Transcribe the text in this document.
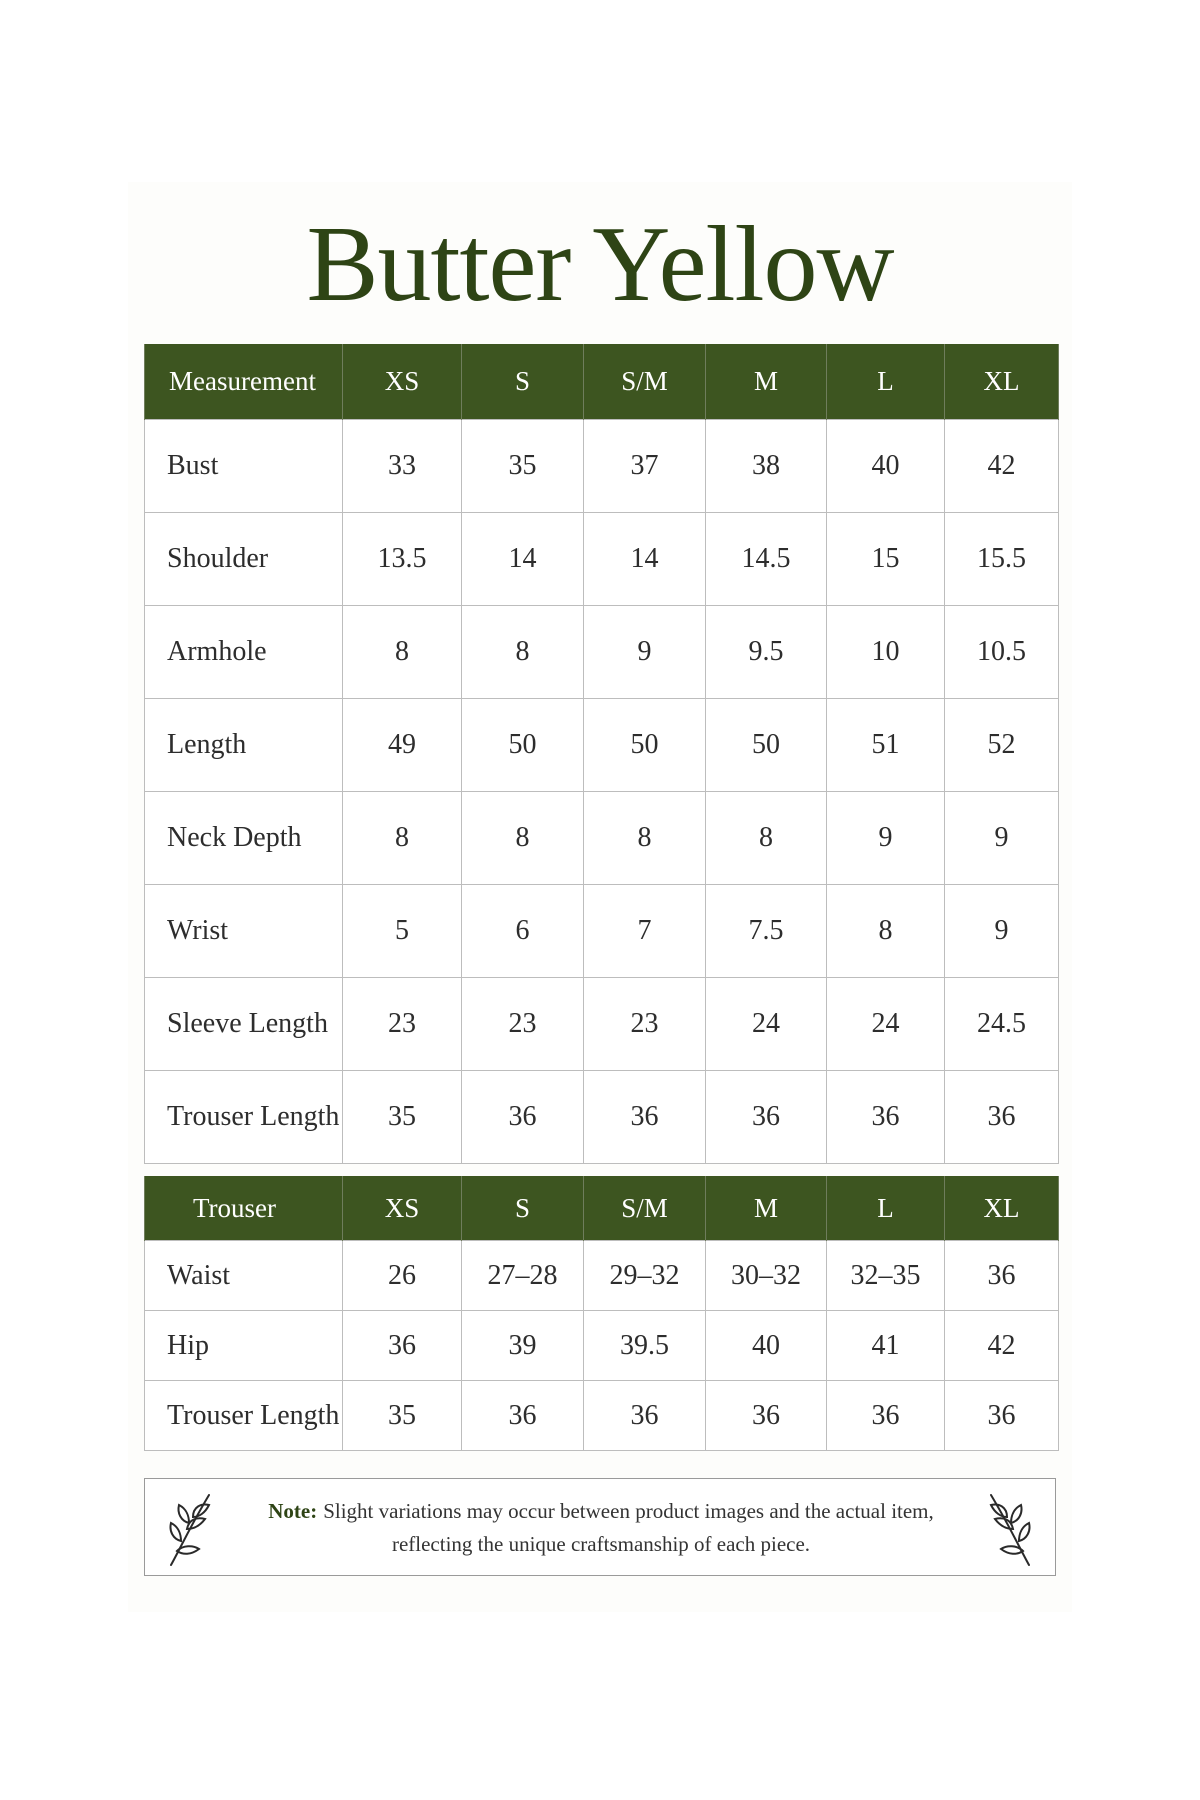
Butter Yellow
Measurement	XS	S	S/M	M	L	XL
Bust	33	35	37	38	40	42
Shoulder	13.5	14	14	14.5	15	15.5
Armhole	8	8	9	9.5	10	10.5
Length	49	50	50	50	51	52
Neck Depth	8	8	8	8	9	9
Wrist	5	6	7	7.5	8	9
Sleeve Length	23	23	23	24	24	24.5
Trouser Length	35	36	36	36	36	36
Trouser	XS	S	S/M	M	L	XL
Waist	26	27–28	29–32	30–32	32–35	36
Hip	36	39	39.5	40	41	42
Trouser Length	35	36	36	36	36	36
Note: Slight variations may occur between product images and the actual item,
reflecting the unique craftsmanship of each piece.
